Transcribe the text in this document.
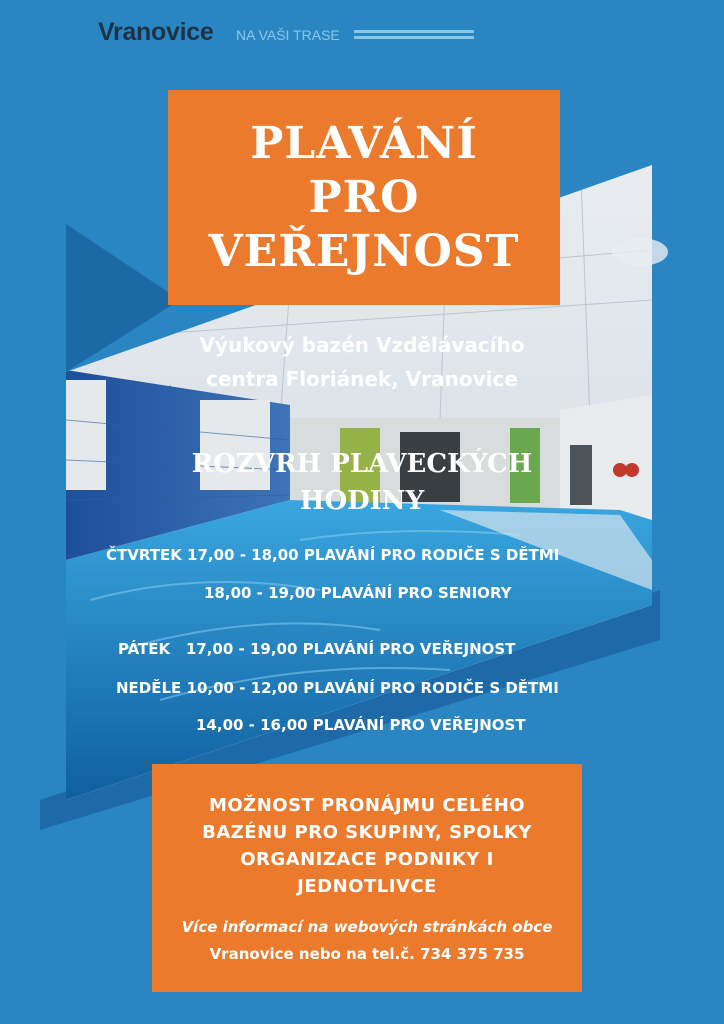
Vranovice NA VAŠI TRASE
PLAVÁNÍ
PRO
VEŘEJNOST
Výukový bazén Vzdělávacího
centra Floriánek, Vranovice
ROZVRH PLAVECKÝCH
HODINY
ČTVRTEK 17,00 - 18,00 PLAVÁNÍ PRO RODIČE S DĚTMI
18,00 - 19,00 PLAVÁNÍ PRO SENIORY
PÁTEK   17,00 - 19,00 PLAVÁNÍ PRO VEŘEJNOST
NEDĚLE 10,00 - 12,00 PLAVÁNÍ PRO RODIČE S DĚTMI
14,00 - 16,00 PLAVÁNÍ PRO VEŘEJNOST
MOŽNOST PRONÁJMU CELÉHO
BAZÉNU PRO SKUPINY, SPOLKY
ORGANIZACE PODNIKY I
JEDNOTLIVCE
Více informací na webových stránkách obce
Vranovice nebo na tel.č. 734 375 735
